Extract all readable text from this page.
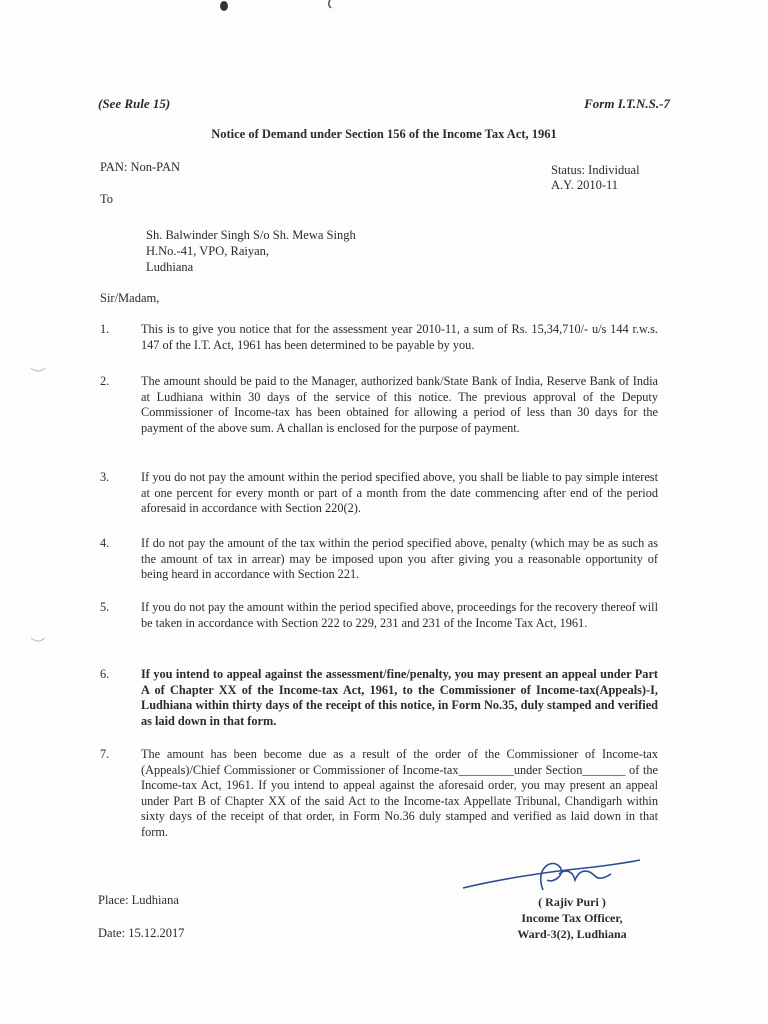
(See Rule 15)	Form I.T.N.S.-7
Notice of Demand under Section 156 of the Income Tax Act, 1961
PAN: Non-PAN	Status: Individual
A.Y. 2010-11
To
Sh. Balwinder Singh S/o Sh. Mewa Singh
H.No.-41, VPO, Raiyan,
Ludhiana
Sir/Madam,
1.	This is to give you notice that for the assessment year 2010-11, a sum of Rs. 15,34,710/- u/s 144 r.w.s. 147 of the I.T. Act, 1961 has been determined to be payable by you.
2.	The amount should be paid to the Manager, authorized bank/State Bank of India, Reserve Bank of India at Ludhiana within 30 days of the service of this notice. The previous approval of the Deputy Commissioner of Income-tax has been obtained for allowing a period of less than 30 days for the payment of the above sum. A challan is enclosed for the purpose of payment.
3.	If you do not pay the amount within the period specified above, you shall be liable to pay simple interest at one percent for every month or part of a month from the date commencing after end of the period aforesaid in accordance with Section 220(2).
4.	If do not pay the amount of the tax within the period specified above, penalty (which may be as such as the amount of tax in arrear) may be imposed upon you after giving you a reasonable opportunity of being heard in accordance with Section 221.
5.	If you do not pay the amount within the period specified above, proceedings for the recovery thereof will be taken in accordance with Section 222 to 229, 231 and 231 of the Income Tax Act, 1961.
6.	If you intend to appeal against the assessment/fine/penalty, you may present an appeal under Part A of Chapter XX of the Income-tax Act, 1961, to the Commissioner of Income-tax(Appeals)-I, Ludhiana within thirty days of the receipt of this notice, in Form No.35, duly stamped and verified as laid down in that form.
7.	The amount has been become due as a result of the order of the Commissioner of Income-tax (Appeals)/Chief Commissioner or Commissioner of Income-tax_________under Section_______ of the Income-tax Act, 1961. If you intend to appeal against the aforesaid order, you may present an appeal under Part B of Chapter XX of the said Act to the Income-tax Appellate Tribunal, Chandigarh within sixty days of the receipt of that order, in Form No.36 duly stamped and verified as laid down in that form.
( Rajiv Puri )
Income Tax Officer,
Ward-3(2), Ludhiana
Place: Ludhiana
Date: 15.12.2017
